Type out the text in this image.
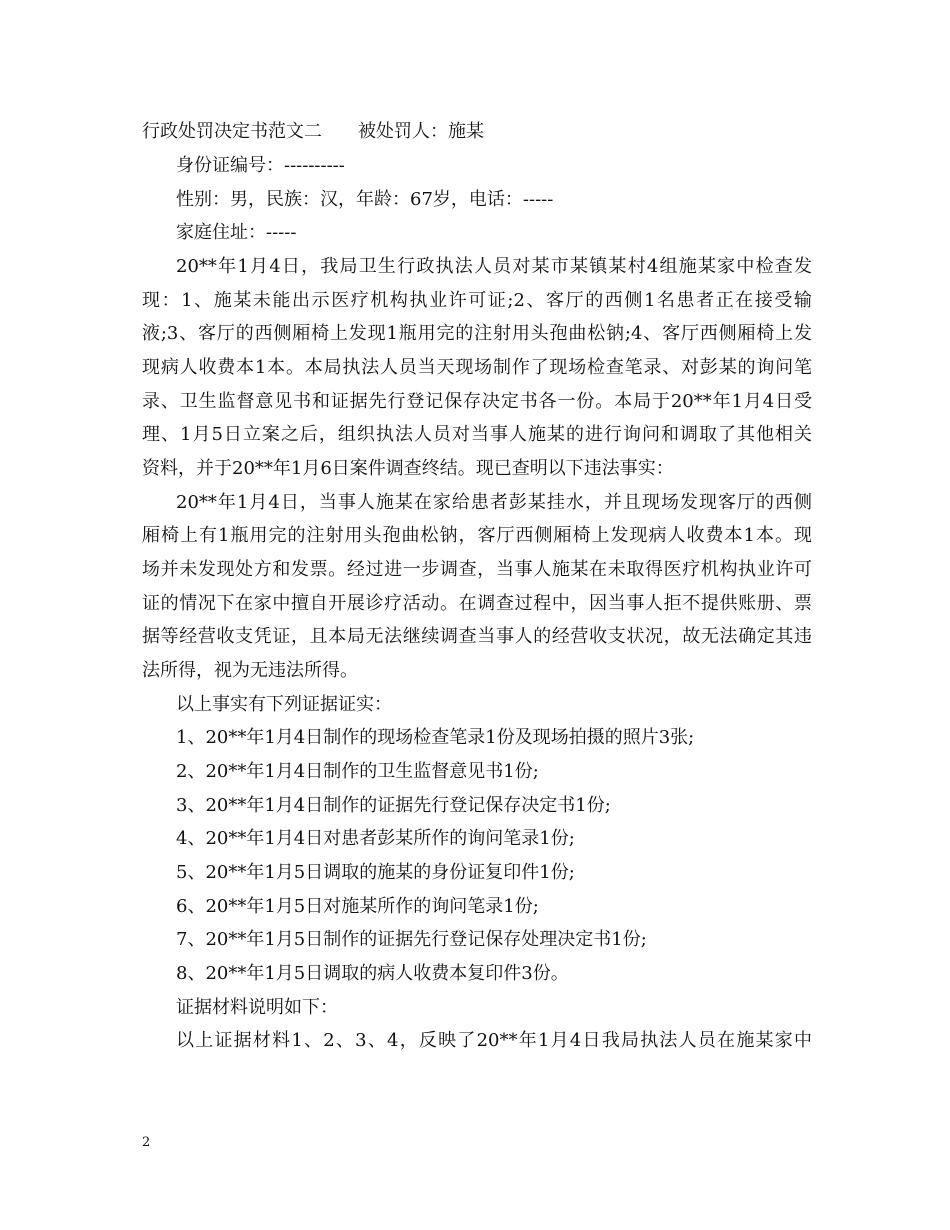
行政处罚决定书范文二 被处罚人：施某
身份证编号：----------
性别：男，民族：汉，年龄：67岁，电话：-----
家庭住址：-----
20**年1月4日，我局卫生行政执法人员对某市某镇某村4组施某家中检查发
现：1、施某未能出示医疗机构执业许可证;2、客厅的西侧1名患者正在接受输
液;3、客厅的西侧厢椅上发现1瓶用完的注射用头孢曲松钠;4、客厅西侧厢椅上发
现病人收费本1本。本局执法人员当天现场制作了现场检查笔录、对彭某的询问笔
录、卫生监督意见书和证据先行登记保存决定书各一份。本局于20**年1月4日受
理、1月5日立案之后，组织执法人员对当事人施某的进行询问和调取了其他相关
资料，并于20**年1月6日案件调查终结。现已查明以下违法事实：
20**年1月4日，当事人施某在家给患者彭某挂水，并且现场发现客厅的西侧
厢椅上有1瓶用完的注射用头孢曲松钠，客厅西侧厢椅上发现病人收费本1本。现
场并未发现处方和发票。经过进一步调查，当事人施某在未取得医疗机构执业许可
证的情况下在家中擅自开展诊疗活动。在调查过程中，因当事人拒不提供账册、票
据等经营收支凭证，且本局无法继续调查当事人的经营收支状况，故无法确定其违
法所得，视为无违法所得。
以上事实有下列证据证实：
1、20**年1月4日制作的现场检查笔录1份及现场拍摄的照片3张;
2、20**年1月4日制作的卫生监督意见书1份;
3、20**年1月4日制作的证据先行登记保存决定书1份;
4、20**年1月4日对患者彭某所作的询问笔录1份;
5、20**年1月5日调取的施某的身份证复印件1份;
6、20**年1月5日对施某所作的询问笔录1份;
7、20**年1月5日制作的证据先行登记保存处理决定书1份;
8、20**年1月5日调取的病人收费本复印件3份。
证据材料说明如下：
以上证据材料1、2、3、4，反映了20**年1月4日我局执法人员在施某家中
2
